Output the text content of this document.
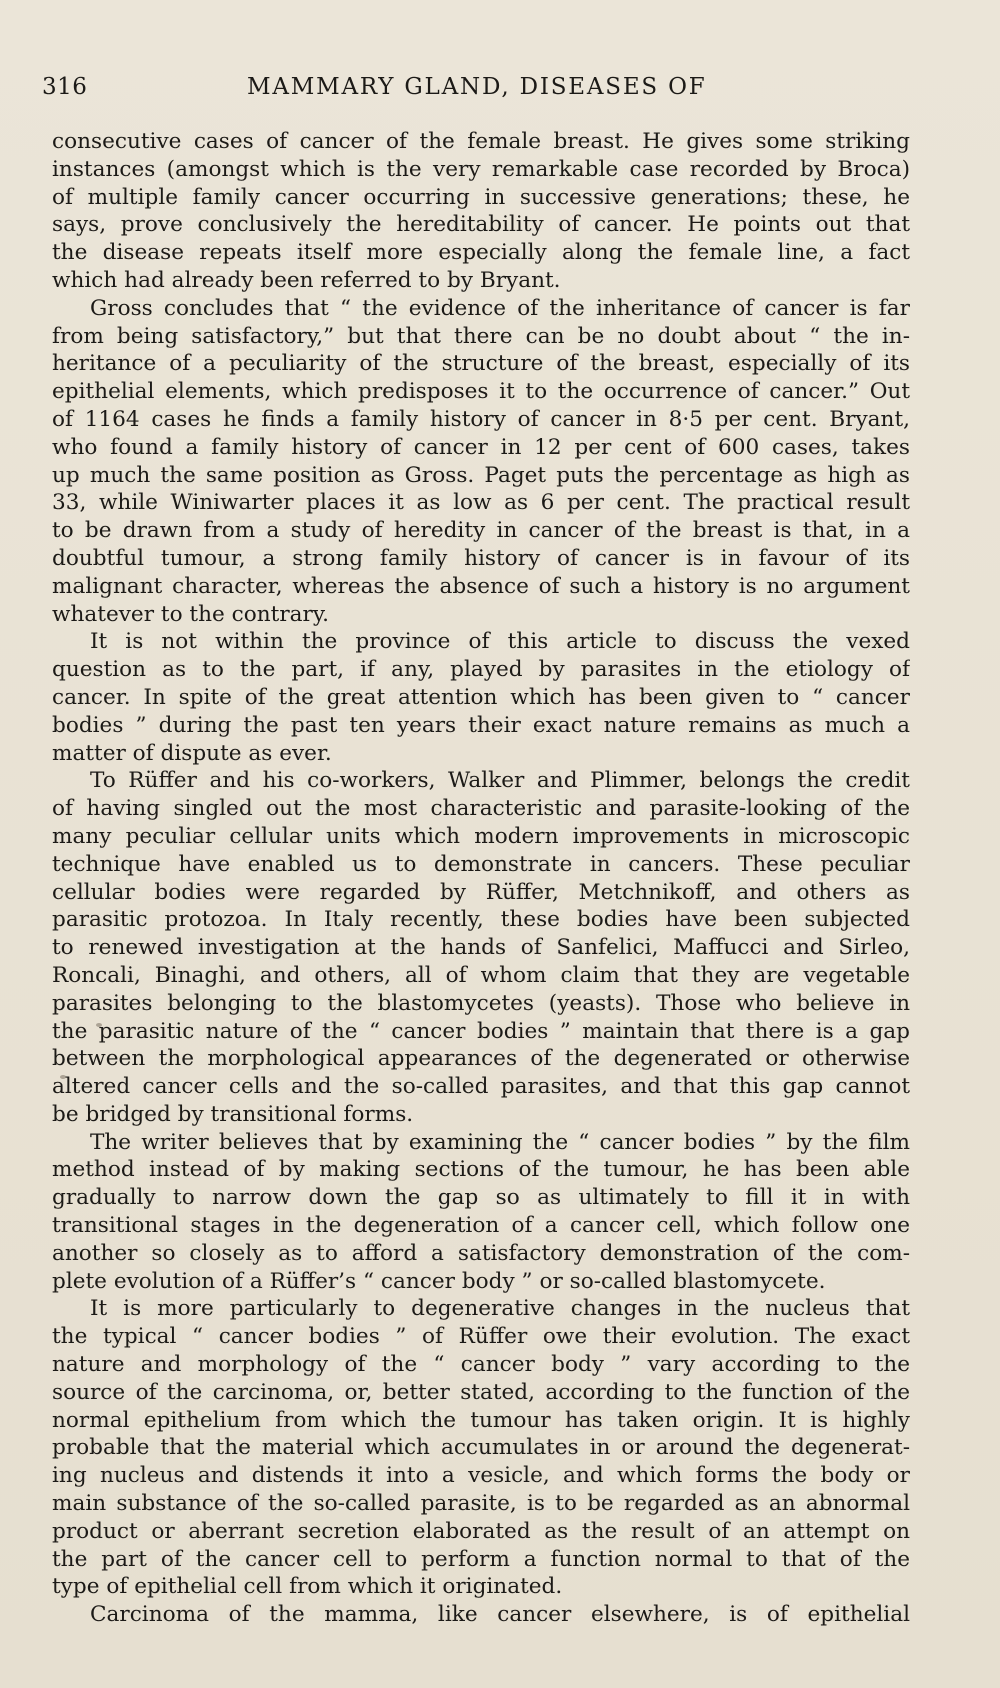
316	MAMMARY GLAND, DISEASES OF
consecutive cases of cancer of the female breast. He gives some striking
instances (amongst which is the very remarkable case recorded by Broca)
of multiple family cancer occurring in successive generations; these, he
says, prove conclusively the hereditability of cancer. He points out that
the disease repeats itself more especially along the female line, a fact
which had already been referred to by Bryant.
Gross concludes that “ the evidence of the inheritance of cancer is far
from being satisfactory,” but that there can be no doubt about “ the in-
heritance of a peculiarity of the structure of the breast, especially of its
epithelial elements, which predisposes it to the occurrence of cancer.” Out
of 1164 cases he finds a family history of cancer in 8·5 per cent. Bryant,
who found a family history of cancer in 12 per cent of 600 cases, takes
up much the same position as Gross. Paget puts the percentage as high as
33, while Winiwarter places it as low as 6 per cent. The practical result
to be drawn from a study of heredity in cancer of the breast is that, in a
doubtful tumour, a strong family history of cancer is in favour of its
malignant character, whereas the absence of such a history is no argument
whatever to the contrary.
It is not within the province of this article to discuss the vexed
question as to the part, if any, played by parasites in the etiology of
cancer. In spite of the great attention which has been given to “ cancer
bodies ” during the past ten years their exact nature remains as much a
matter of dispute as ever.
To Rüffer and his co-workers, Walker and Plimmer, belongs the credit
of having singled out the most characteristic and parasite-looking of the
many peculiar cellular units which modern improvements in microscopic
technique have enabled us to demonstrate in cancers. These peculiar
cellular bodies were regarded by Rüffer, Metchnikoff, and others as
parasitic protozoa. In Italy recently, these bodies have been subjected
to renewed investigation at the hands of Sanfelici, Maffucci and Sirleo,
Roncali, Binaghi, and others, all of whom claim that they are vegetable
parasites belonging to the blastomycetes (yeasts). Those who believe in
the parasitic nature of the “ cancer bodies ” maintain that there is a gap
between the morphological appearances of the degenerated or otherwise
altered cancer cells and the so-called parasites, and that this gap cannot
be bridged by transitional forms.
The writer believes that by examining the “ cancer bodies ” by the film
method instead of by making sections of the tumour, he has been able
gradually to narrow down the gap so as ultimately to fill it in with
transitional stages in the degeneration of a cancer cell, which follow one
another so closely as to afford a satisfactory demonstration of the com-
plete evolution of a Rüffer’s “ cancer body ” or so-called blastomycete.
It is more particularly to degenerative changes in the nucleus that
the typical “ cancer bodies ” of Rüffer owe their evolution. The exact
nature and morphology of the “ cancer body ” vary according to the
source of the carcinoma, or, better stated, according to the function of the
normal epithelium from which the tumour has taken origin. It is highly
probable that the material which accumulates in or around the degenerat-
ing nucleus and distends it into a vesicle, and which forms the body or
main substance of the so-called parasite, is to be regarded as an abnormal
product or aberrant secretion elaborated as the result of an attempt on
the part of the cancer cell to perform a function normal to that of the
type of epithelial cell from which it originated.
Carcinoma of the mamma, like cancer elsewhere, is of epithelial
